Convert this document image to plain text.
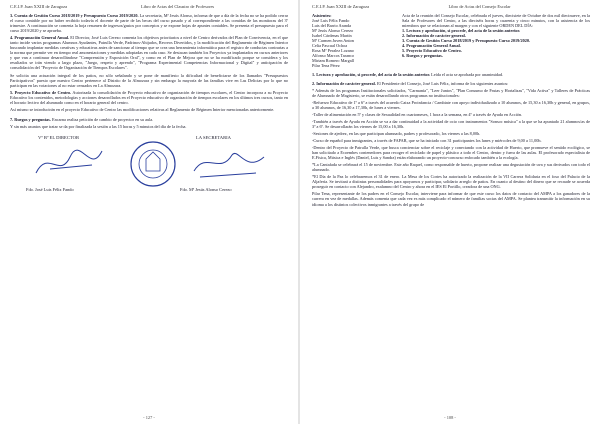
C.E.I.P. Juan XXIII de Zaragoza	Libro de Actas del Claustro de Profesores

3. Cuenta de Gestión Curso 2018/2019 y Presupuesto Curso 2019/2020. La secretaria, Mª Jesús Alonso, informa de que a día de la fecha no se ha podido cerrar el curso contable por no haber recibido todavía el docente de parte de las becas del curso pasado y al correspondiente a las comidas de las monitoras del 3º trimestre. A continuación se comenta la hoja resumen de ingresos/gastos por conceptos y se expone hojas de apuntes contables. Se presenta el presupuesto para el curso 2019/2020 y se aprueba.

4. Programación General Anual. El Director, José Luis Cerezo comenta los objetivos prioritarios a nivel de Centro derivados del Plan de Convivencia, en el que tanto incide varios programas Alumnos Ayudantes, Patrulla Verde, Padrinos-Ahijados, Recreos Divertidos, y la modificación del Reglamento de Régimen Interior buscando implantar medidas creativas y educativas antes de sancionar al tiempo que se crea una herramienta informática para el registro de conductas contrarias a la norma que permite ver en tiempo real amonestaciones y medidas adoptadas en cada caso. Se destacan también los Proyectos ya implantados en cursos anteriores y que van a continuar desarrollándose "Comprensión y Exposición Oral", y como en el Plan de Mejora que no se ha modificado porque se considera y los resultados se irán viendo a largo plazo, "Juego, respeto y aprendo", "Programa Experimental Competencias Informacional y Digital" y anticipación de consolidación del "Proyecto de Organización de Tiempos Escolares".

Se solicita una actuación integral de los patios, no sólo señalando y se pone de manifiesto la dificultad de beneficiarse de los llamados "Presupuestos Participativos" puesto que nuestro Centro pertenece al Distrito de la Almozara y sin embargo la mayoría de las familias vive en Las Delicias por lo que no participan en las votaciones al no estar censados en La Almozara.

5. Proyecto Educativo de Centro. Autorizada la consolidación de Proyecto educativo de organización de tiempos escolares, el Centro incorpora a su Proyecto Educativo los contenidos, metodologías y acciones desarrollados en el Proyecto educativo de organización de tiempos escolares en los últimos tres cursos, tanto en el horario lectivo del alumnado como en el horario general del centro.

Así mismo se introducirán en el proyecto Educativo de Centro las modificaciones relativas al Reglamento de Régimen Interior mencionadas anteriormente.

7. Ruegos y preguntas. Encarna realiza petición de cambio de proyector en su aula.

Y sin más asuntos que tratar se da por finalizada la sesión a las 15 horas y 5 minutos del día de la fecha.

Vº Bº EL DIRECTOR	LA SECRETARIA
Fdo. José Luis Félix Fando	Fdo. Mª Jesús Alonso Cerezo
- 127 -
C.E.I.P. Juan XXIII de Zaragoza	Libro de Actas del Consejo Escolar
Asistentes:
José Luis Félix Fando
Luis del Barrio Aranda
Mª Jesús Alonso Cerezo
Isabel Cárdenas Martín
Mª Carmen Juven Anton
Celia Pascual Ochoa
Rosa Mª Peralez Lozano
Alfonso Marcos Taranco
Miriam Romero Margall
Pilar Tena Pérez
Acta de la reunión del Consejo Escolar, celebrada el jueves, diecisiete de Octubre de dos mil diecinueve, en la Sala de Profesores del Centro, a las dieciséis horas y cuarenta y cinco minutos, con la asistencia de los miembros que se relacionan al margen y con el siguiente ORDEN DEL DÍA:
1. Lectura y aprobación, si procede, del acta de la sesión anterior.
2. Información de carácter general.
3. Cuenta de Gestión Curso 2018/2019 y Presupuesto Curso 2019/2020.
4. Programación General Anual.
5. Proyecto Educativo de Centro.
6. Ruegos y preguntas.

1. Lectura y aprobación, si procede, del acta de la sesión anterior. Leída el acta se aprobada por unanimidad.

2. Información de carácter general. El Presidente del Consejo, José Luis Félix, informa de los siguientes asuntos:

* Además de los programas Institucionales solicitados, "Carmanía", "Leer Juntos", "Plan Consumo de Frutas y Hortalizas", "Vida Activa" y Talleres de Prácticas de Alumnado de Magisterio, se están desarrollando otros programas no institucionales:

-Refuerzo Educativo de 1º a 6º a través del acuerdo Caixa Proinfancia / Cambiate con apoyo individualizado a 10 alumnos, de 15,30 a 16,30h y general, en grupos, a 30 alumnos, de 16,30 a 17,30h, de lunes a viernes.

-Taller de alimentación en 5º y clases de Sexualidad en cuartomeses, 1 hora a la semana, en 4º a través de Ayuda en Acción.

-También a través de Ayuda en Acción se va a dar continuidad a la actividad de ocio con instrumentos "Sonsoc música" a la que se ha apuntado 21 alumnos/as de 3º a 6º. Se desarrollarán los viernes de 15,00 a 16,30h.

-Sesiones de ajedrez, en las que participan alumnado, padres y profesorado, los viernes a las 8,00h.

-Curso de español para inmigrantes, a través de FAPAR, que se ha iniciado con 31 participantes los lunes y miércoles de 9,00 a 11,00h.

-Dentro del Proyecto de Patrulla Verde, que busca concienciar sobre el reciclaje y conectando con la actividad de Huerto, que promueve el sentido ecológico, se han solicitado a Ecoembes contenedores para recoger el reciclado de papel y plástico a todo el Centro, dentro y fuera de las aulas. El profesorado especialista de E.Física, Música e Inglés (Daniel, Luis y Sandra) están elaborando un proyecto-concurso enfocado también a la ecología.

*La Cantafada se celebrará el 15 de noviembre. Este año Raquel, como responsable de huerto, propone realizar una degustación de uva y sus derivados con todo el alumnado.

*El Día de la Paz lo celebraremos el 31 de enero. La Mesa de los Cortes ha autorizado la realización de la VII Carrera Solidaria en el foso del Palacio de la Aljafería. Se invitará a distintas personalidades para apoyarnos y participar, solidario arreglo de patios. En cuanto al destino del dinero que se recaude se acuerda proseguir en contacto con Alejandro, exalumno del Centro y ahora en el IES El Portillo, creadora de una ONG.

Pilar Tena, representante de los padres en el Consejo Escolar, interviene para informar de que este curso los datos de contacto del AMPA a los ganadores de la carrera en vez de medallas. Además comenta que cada vez es más complicado el número de familias socias del AMPA. Se plantea transmitir la información en su idioma a los distintos colectivos inmigrantes a través del grupo de

- 108 -
